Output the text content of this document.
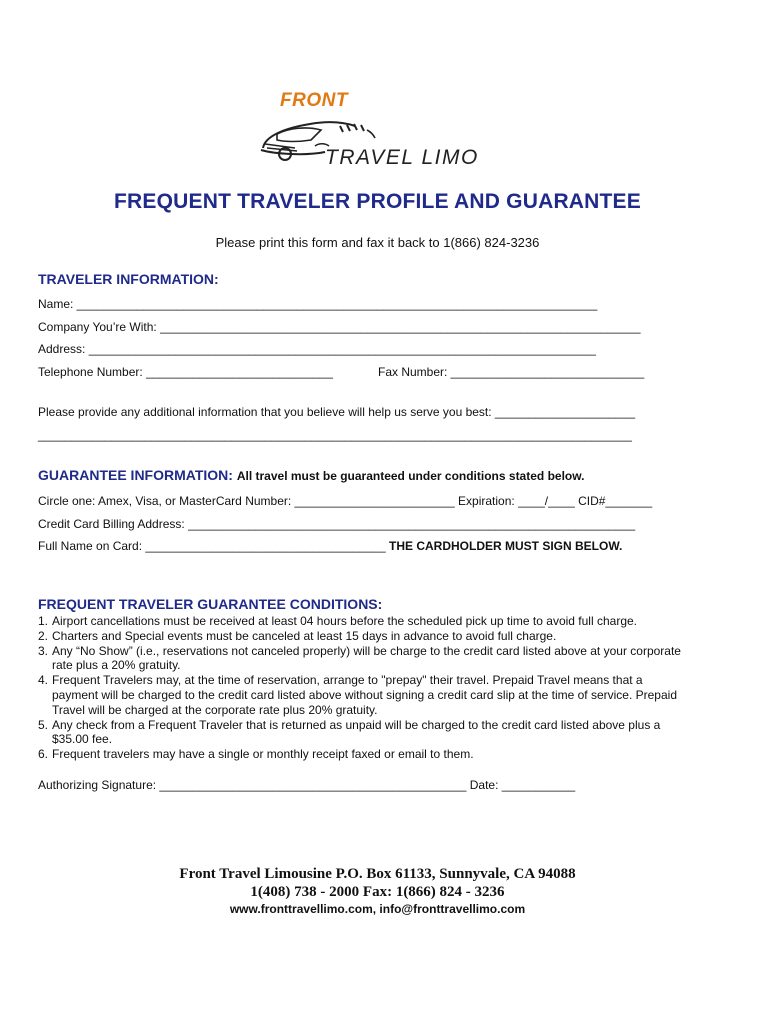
FRONT
TRAVEL LIMO
FREQUENT TRAVELER PROFILE AND GUARANTEE
Please print this form and fax it back to 1(866) 824-3236
TRAVELER INFORMATION:
Name: ______________________________________________________________________________
Company You’re With: ________________________________________________________________________
Address: ____________________________________________________________________________
Telephone Number: ____________________________	Fax Number: _____________________________
Please provide any additional information that you believe will help us serve you best: _____________________
_________________________________________________________________________________________
GUARANTEE INFORMATION: All travel must be guaranteed under conditions stated below.
Circle one: Amex, Visa, or MasterCard Number: ________________________ Expiration: ____/____ CID#_______
Credit Card Billing Address: ___________________________________________________________________
Full Name on Card: ____________________________________ THE CARDHOLDER MUST SIGN BELOW.
FREQUENT TRAVELER GUARANTEE CONDITIONS:
1. Airport cancellations must be received at least 04 hours before the scheduled pick up time to avoid full charge.
2. Charters and Special events must be canceled at least 15 days in advance to avoid full charge.
3. Any “No Show” (i.e., reservations not canceled properly) will be charge to the credit card listed above at your corporate rate plus a 20% gratuity.
4. Frequent Travelers may, at the time of reservation, arrange to "prepay" their travel. Prepaid Travel means that a payment will be charged to the credit card listed above without signing a credit card slip at the time of service. Prepaid Travel will be charged at the corporate rate plus 20% gratuity.
5. Any check from a Frequent Traveler that is returned as unpaid will be charged to the credit card listed above plus a $35.00 fee.
6. Frequent travelers may have a single or monthly receipt faxed or email to them.
Authorizing Signature: ______________________________________________ Date: ___________
Front Travel Limousine P.O. Box 61133, Sunnyvale, CA 94088
1(408) 738 - 2000 Fax: 1(866) 824 - 3236
www.fronttravellimo.com, info@fronttravellimo.com
